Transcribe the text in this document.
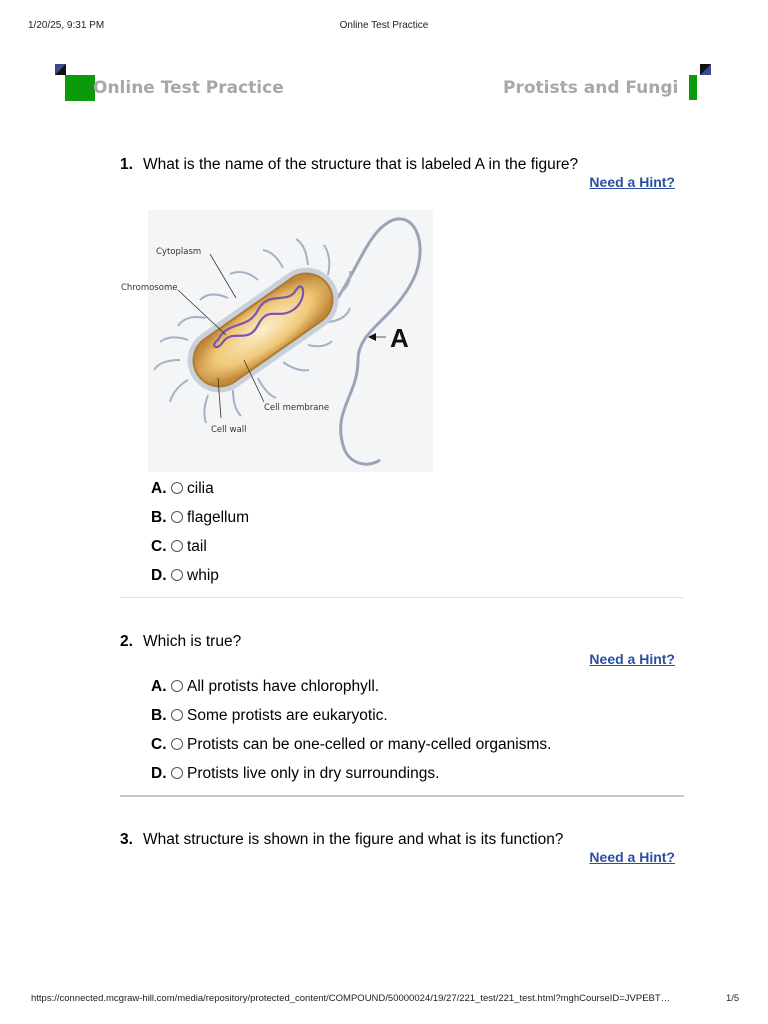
Online Test Practice
1/20/25, 9:31 PM
Online Test Practice	Protists and Fungi
1. What is the name of the structure that is labeled A in the figure?
Need a Hint?
Cytoplasm
Chromosome
Cell membrane
Cell wall
A
A. cilia
B. flagellum
C. tail
D. whip
2. Which is true?
Need a Hint?
A. All protists have chlorophyll.
B. Some protists are eukaryotic.
C. Protists can be one-celled or many-celled organisms.
D. Protists live only in dry surroundings.
3. What structure is shown in the figure and what is its function?
Need a Hint?
https://connected.mcgraw-hill.com/media/repository/protected_content/COMPOUND/50000024/19/27/221_test/221_test.html?mghCourseID=JVPEBT…	1/5
